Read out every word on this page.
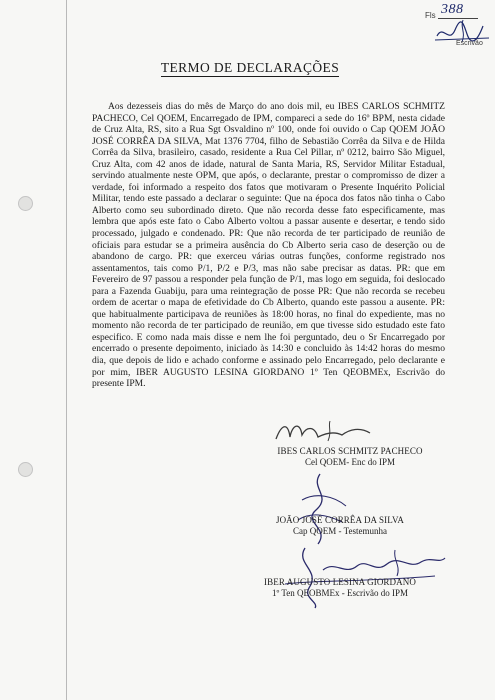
Fls 388
Escrivão
TERMO DE DECLARAÇÕES

Aos dezesseis dias do mês de Março do ano dois mil, eu IBES CARLOS SCHMITZ PACHECO, Cel QOEM, Encarregado de IPM, compareci a sede do 16º BPM, nesta cidade de Cruz Alta, RS, sito a Rua Sgt Osvaldino nº 100, onde foi ouvido o Cap QOEM JOÃO JOSÉ CORRÊA DA SILVA, Mat 1376 7704, filho de Sebastião Corrêa da Silva e de Hilda Corrêa da Silva, brasileiro, casado, residente a Rua Cel Pillar, nº 0212, bairro São Miguel, Cruz Alta, com 42 anos de idade, natural de Santa Maria, RS, Servidor Militar Estadual, servindo atualmente neste OPM, que após, o declarante, prestar o compromisso de dizer a verdade, foi informado a respeito dos fatos que motivaram o Presente Inquérito Policial Militar, tendo este passado a declarar o seguinte: Que na época dos fatos não tinha o Cabo Alberto como seu subordinado direto. Que não recorda desse fato especificamente, mas lembra que após este fato o Cabo Alberto voltou a passar ausente e desertar, e tendo sido processado, julgado e condenado. PR: Que não recorda de ter participado de reunião de oficiais para estudar se a primeira ausência do Cb Alberto seria caso de deserção ou de abandono de cargo. PR: que exerceu várias outras funções, conforme registrado nos assentamentos, tais como P/1, P/2 e P/3, mas não sabe precisar as datas. PR: que em Fevereiro de 97 passou a responder pela função de P/1, mas logo em seguida, foi deslocado para a Fazenda Guabiju, para uma reintegração de posse PR: Que não recorda se recebeu ordem de acertar o mapa de efetividade do Cb Alberto, quando este passou a ausente. PR: que habitualmente participava de reuniões às 18:00 horas, no final do expediente, mas no momento não recorda de ter participado de reunião, em que tivesse sido estudado este fato especifico. E como nada mais disse e nem lhe foi perguntado, deu o Sr Encarregado por encerrado o presente depoimento, iniciado às 14:30 e concluido às 14:42 horas do mesmo dia, que depois de lido e achado conforme e assinado pelo Encarregado, pelo declarante e por mim, IBER AUGUSTO LESINA GIORDANO 1º Ten QEOBMEx, Escrivão do presente IPM.

IBES CARLOS SCHMITZ PACHECO
Cel QOEM- Enc do IPM
JOÃO JOSÉ CORRÊA DA SILVA
Cap QOEM - Testemunha
IBER AUGUSTO LESINA GIORDANO
1º Ten QEOBMEx - Escrivão do IPM
